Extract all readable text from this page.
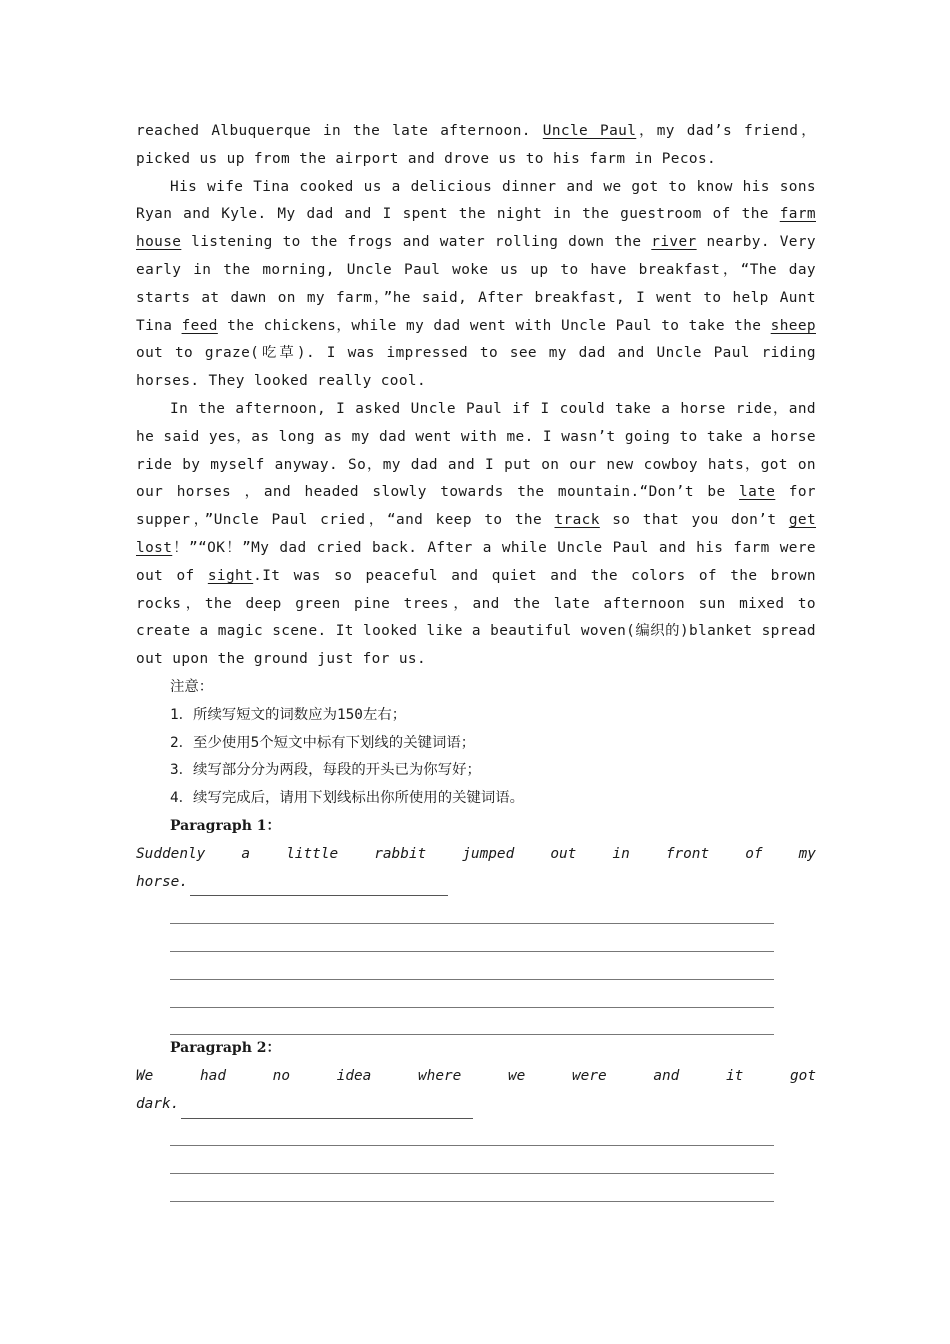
reached Albuquerque in the late afternoon. Uncle Paul，my dad’s friend，picked us up from the airport and drove us to his farm in Pecos.

His wife Tina cooked us a delicious dinner and we got to know his sons Ryan and Kyle. My dad and I spent the night in the guestroom of the farm house listening to the frogs and water rolling down the river nearby. Very early in the morning, Uncle Paul woke us up to have breakfast，“The day starts at dawn on my farm，”he said, After breakfast, I went to help Aunt Tina feed the chickens，while my dad went with Uncle Paul to take the sheep out to graze(吃草). I was impressed to see my dad and Uncle Paul riding horses. They looked really cool.

In the afternoon, I asked Uncle Paul if I could take a horse ride，and he said yes，as long as my dad went with me. I wasn’t going to take a horse ride by myself anyway. So，my dad and I put on our new cowboy hats，got on our horses ，and headed slowly towards the mountain.“Don’t be late for supper，”Uncle Paul cried，“and keep to the track so that you don’t get lost！”“OK！”My dad cried back. After a while Uncle Paul and his farm were out of sight.It was so peaceful and quiet and the colors of the brown rocks，the deep green pine trees，and the late afternoon sun mixed to create a magic scene. It looked like a beautiful woven(编织的)blanket spread out upon the ground just for us.

注意：
1．所续写短文的词数应为150左右；
2．至少使用5个短文中标有下划线的关键词语；
3．续写部分分为两段，每段的开头已为你写好；
4．续写完成后，请用下划线标出你所使用的关键词语。
Paragraph 1：
Suddenly	a	little	rabbit	jumped	out	in	front	of	my
horse.
Paragraph 2：
We	had	no	idea	where	we	were	and	it	got
dark.
